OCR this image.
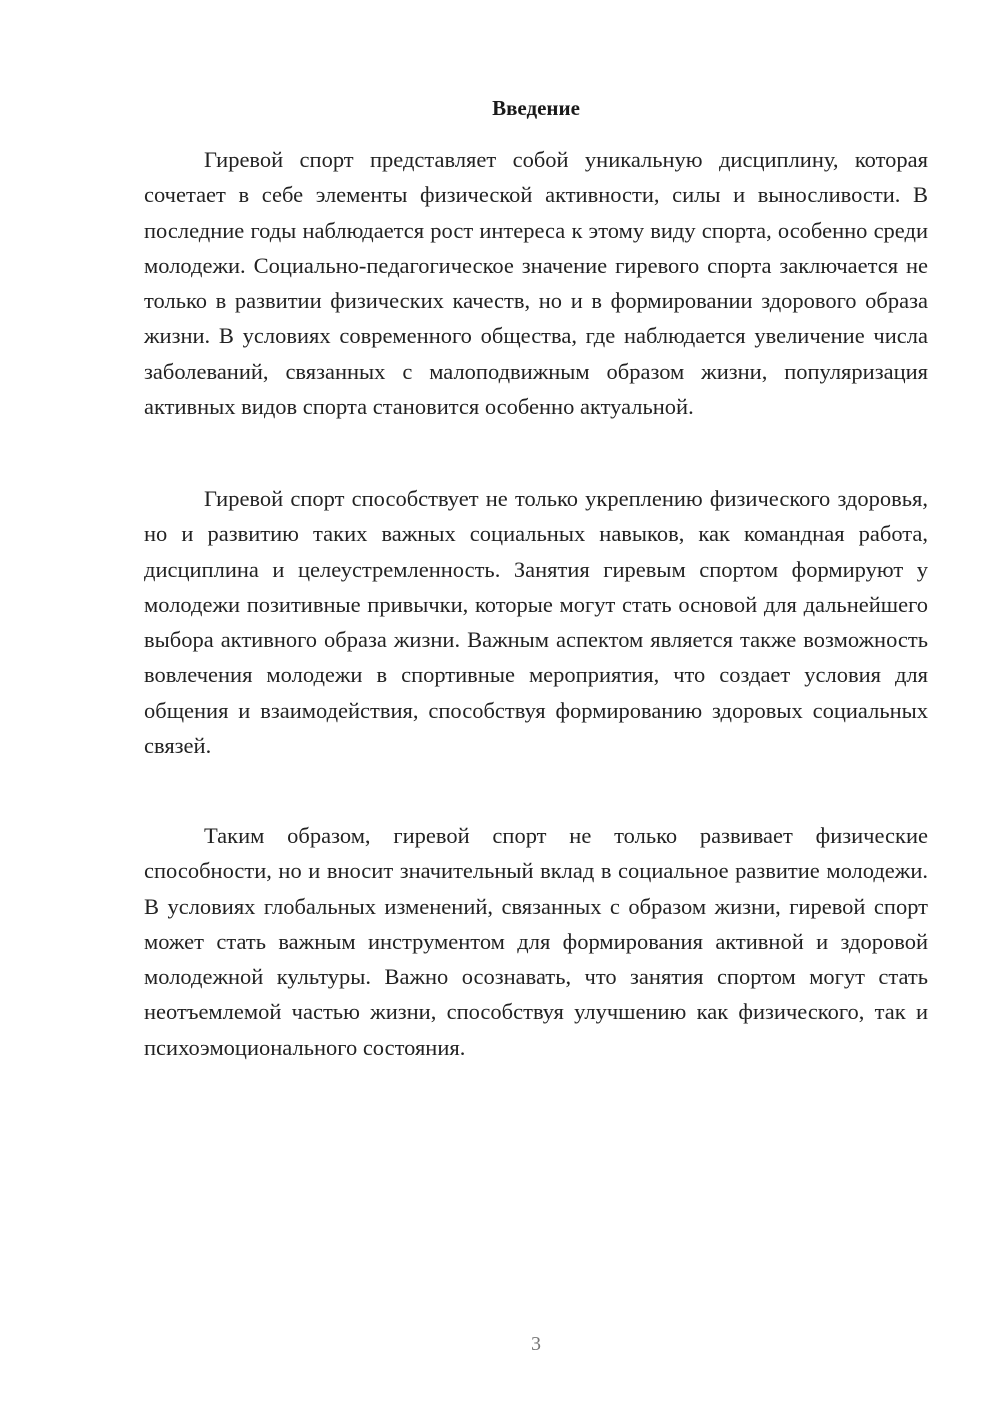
Введение

Гиревой спорт представляет собой уникальную дисциплину, которая сочетает в себе элементы физической активности, силы и выносливости. В последние годы наблюдается рост интереса к этому виду спорта, особенно среди молодежи. Социально-педагогическое значение гиревого спорта заключается не только в развитии физических качеств, но и в формировании здорового образа жизни. В условиях современного общества, где наблюдается увеличение числа заболеваний, связанных с малоподвижным образом жизни, популяризация активных видов спорта становится особенно актуальной.

Гиревой спорт способствует не только укреплению физического здоровья, но и развитию таких важных социальных навыков, как командная работа, дисциплина и целеустремленность. Занятия гиревым спортом формируют у молодежи позитивные привычки, которые могут стать основой для дальнейшего выбора активного образа жизни. Важным аспектом является также возможность вовлечения молодежи в спортивные мероприятия, что создает условия для общения и взаимодействия, способствуя формированию здоровых социальных связей.

Таким образом, гиревой спорт не только развивает физические способности, но и вносит значительный вклад в социальное развитие молодежи. В условиях глобальных изменений, связанных с образом жизни, гиревой спорт может стать важным инструментом для формирования активной и здоровой молодежной культуры. Важно осознавать, что занятия спортом могут стать неотъемлемой частью жизни, способствуя улучшению как физического, так и психоэмоционального состояния.

3
